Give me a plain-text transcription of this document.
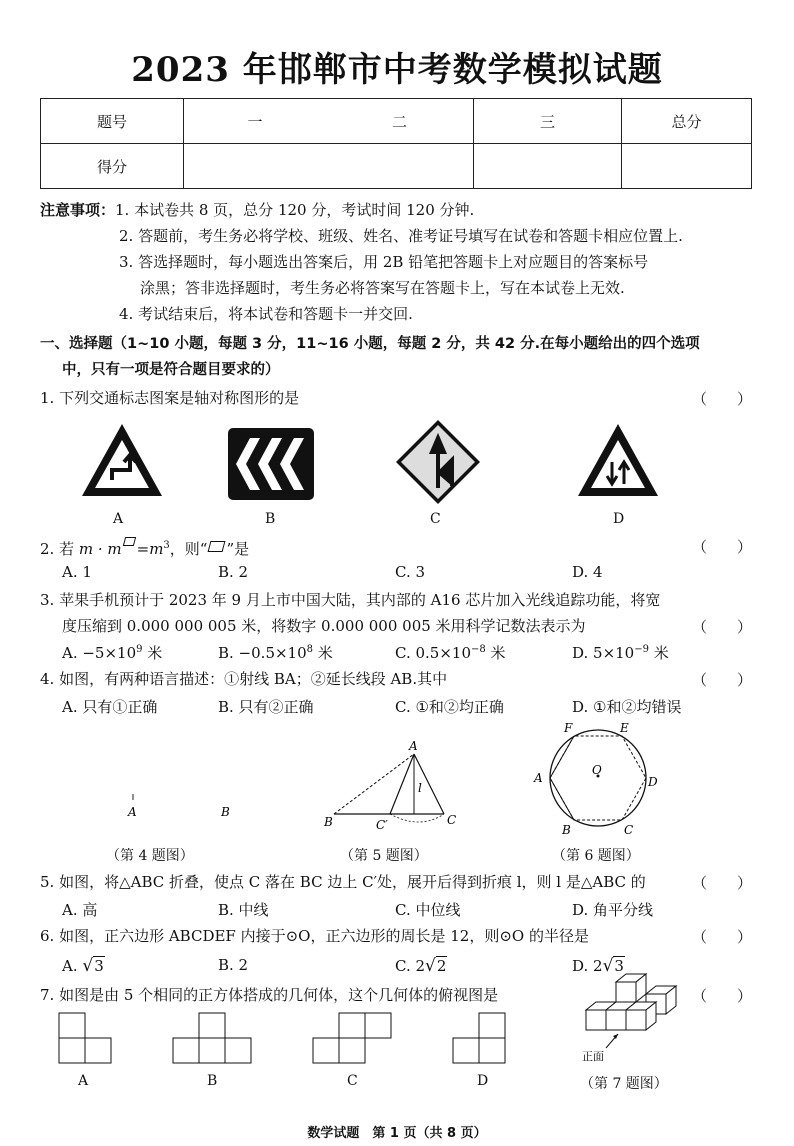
2023 年邯郸市中考数学模拟试题
题号	一	二	三	总分
得分				
注意事项：1. 本试卷共 8 页，总分 120 分，考试时间 120 分钟.
2. 答题前，考生务必将学校、班级、姓名、准考证号填写在试卷和答题卡相应位置上.
3. 答选择题时，每小题选出答案后，用 2B 铅笔把答题卡上对应题目的答案标号
涂黑；答非选择题时，考生务必将答案写在答题卡上，写在本试卷上无效.
4. 考试结束后，将本试卷和答题卡一并交回.
一、选择题（1~10 小题，每题 3 分，11~16 小题，每题 2 分，共 42 分.在每小题给出的四个选项
中，只有一项是符合题目要求的）
1. 下列交通标志图案是轴对称图形的是	（　　）
A	B	C	D
2. 若 $m \cdot m =m^3$，则“ ”是	（　　）
A. 1	B. 2	C. 3	D. 4
3. 苹果手机预计于 2023 年 9 月上市中国大陆，其内部的 A16 芯片加入光线追踪功能，将宽
度压缩到 0.000 000 005 米，将数字 0.000 000 005 米用科学记数法表示为	（　　）
A. $-5\times 10^9$ 米	B. $-0.5\times 10^8$ 米	C. $0.5\times 10^{-8}$ 米	D. $5\times 10^{-9}$ 米
4. 如图，有两种语言描述：①射线 BA；②延长线段 AB.其中	（　　）
A. 只有①正确	B. 只有②正确	C. ①和②均正确	D. ①和②均错误
A	B
A
B	C
C′
l
O
A
B	C
D
E
F
（第 4 题图）	（第 5 题图）	（第 6 题图）
5. 如图，将△ABC 折叠，使点 C 落在 BC 边上 C′处，展开后得到折痕 l，则 l 是△ABC 的	（　　）
A. 高	B. 中线	C. 中位线	D. 角平分线
6. 如图，正六边形 ABCDEF 内接于⊙O，正六边形的周长是 12，则⊙O 的半径是	（　　）
A. √3	B. 2	C. 2√2	D. 2√3
7. 如图是由 5 个相同的正方体搭成的几何体，这个几何体的俯视图是	（　　）
A	B	C	D
正面
（第 7 题图）
数学试题　第 1 页（共 8 页）
